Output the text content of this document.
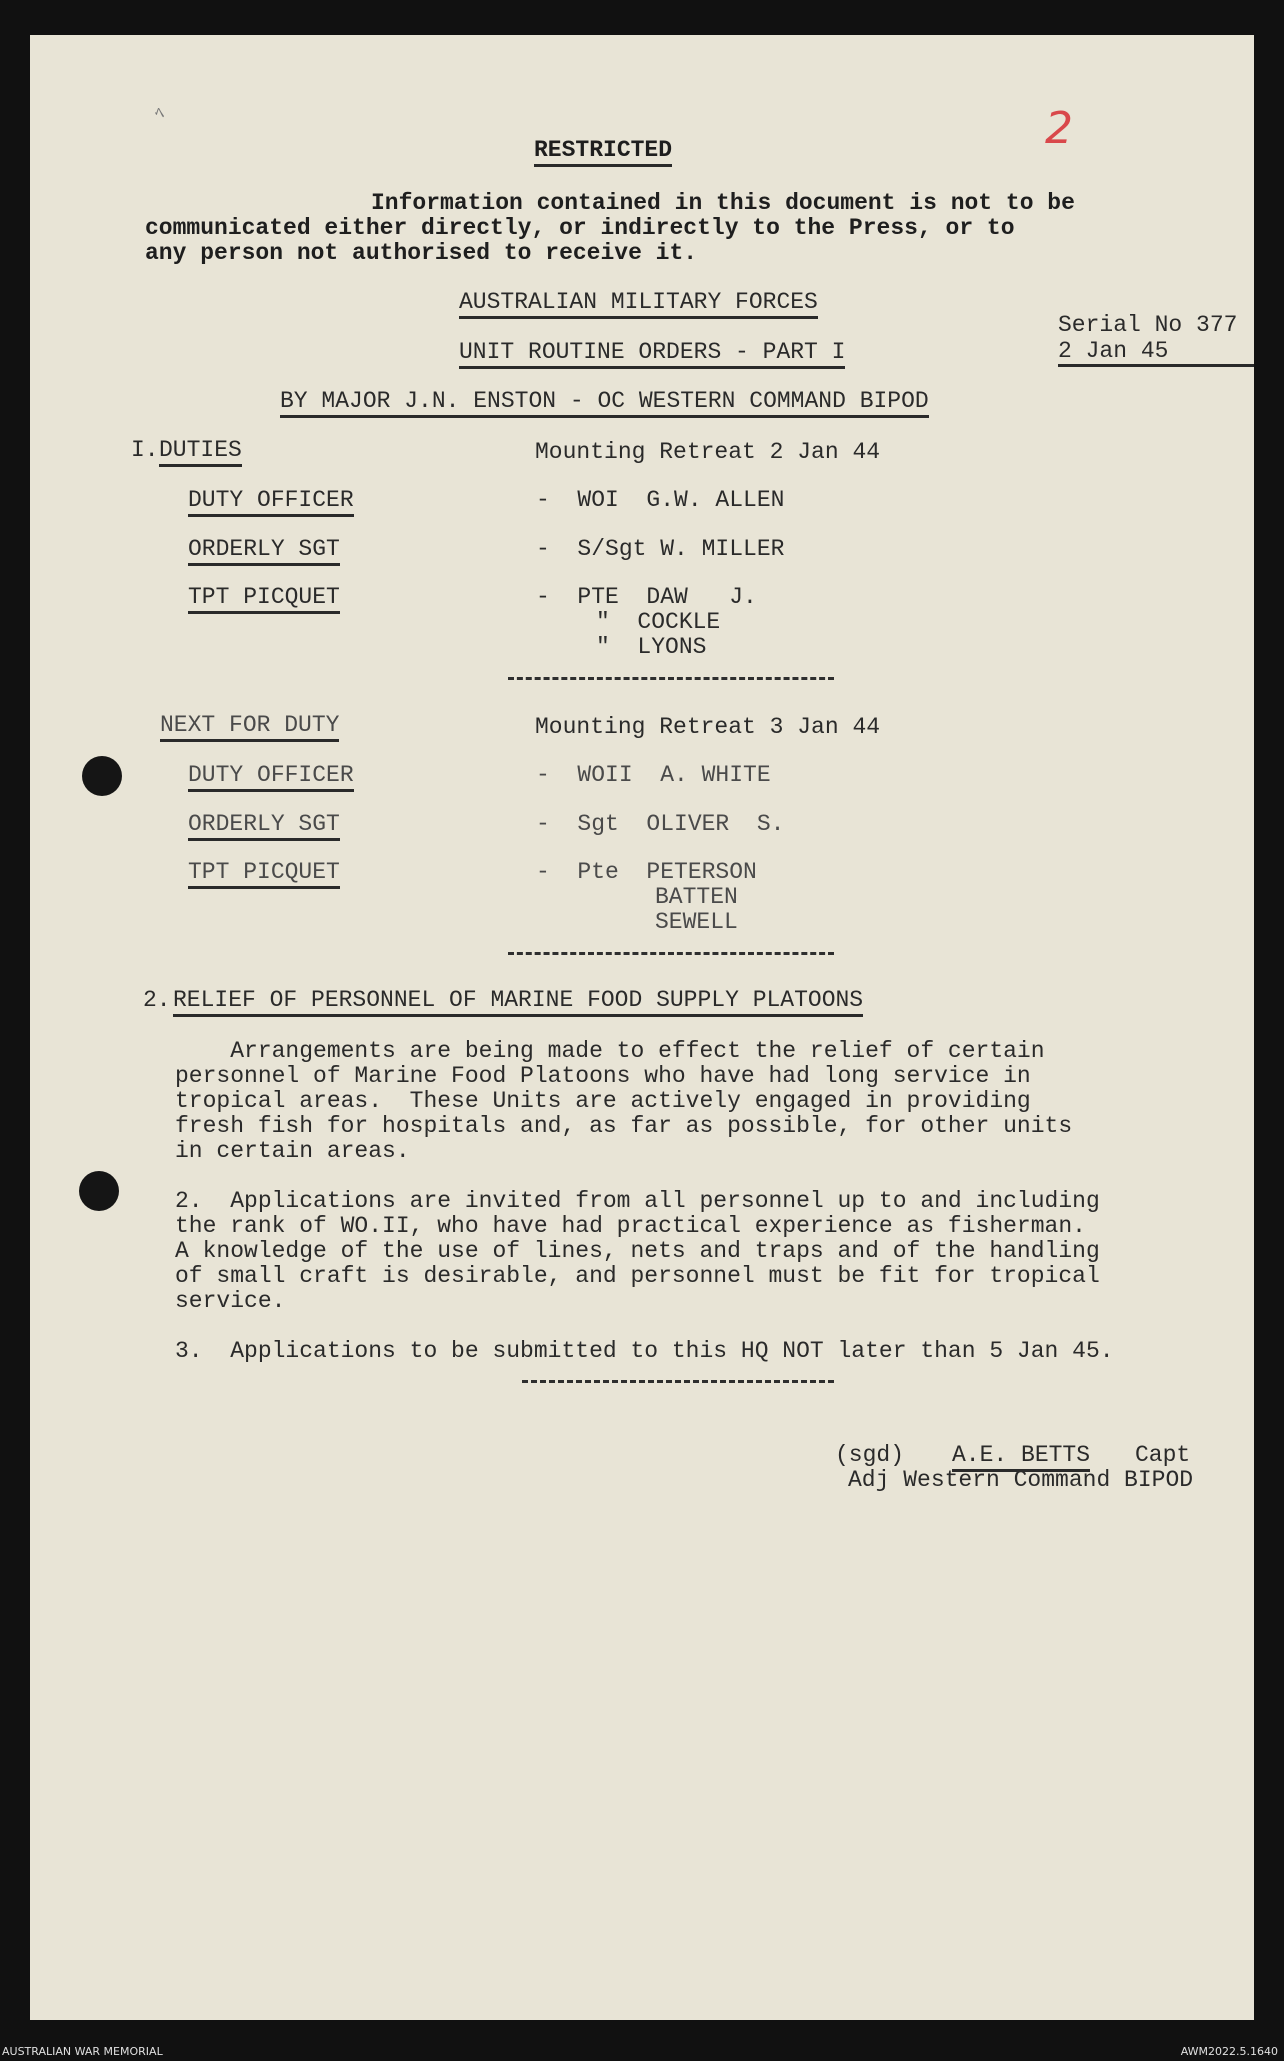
ﾍ	2
RESTRICTED
Information contained in this document is not to be
communicated either directly, or indirectly to the Press, or to
any person not authorised to receive it.
AUSTRALIAN MILITARY FORCES
UNIT ROUTINE ORDERS - PART I
Serial No 377
2 Jan 45
BY MAJOR J.N. ENSTON - OC WESTERN COMMAND BIPOD
I. DUTIES	Mounting Retreat 2 Jan 44
DUTY OFFICER	-  WOI  G.W. ALLEN
ORDERLY SGT	-  S/Sgt W. MILLER
TPT PICQUET	-  PTE  DAW   J.
"  COCKLE
"  LYONS
NEXT FOR DUTY	Mounting Retreat 3 Jan 44
DUTY OFFICER	-  WOII  A. WHITE
ORDERLY SGT	-  Sgt  OLIVER  S.
TPT PICQUET	-  Pte  PETERSON
BATTEN
SEWELL
2. RELIEF OF PERSONNEL OF MARINE FOOD SUPPLY PLATOONS
Arrangements are being made to effect the relief of certain
personnel of Marine Food Platoons who have had long service in
tropical areas.  These Units are actively engaged in providing
fresh fish for hospitals and, as far as possible, for other units
in certain areas.
2.  Applications are invited from all personnel up to and including
the rank of WO.II, who have had practical experience as fisherman.
A knowledge of the use of lines, nets and traps and of the handling
of small craft is desirable, and personnel must be fit for tropical
service.
3.  Applications to be submitted to this HQ NOT later than 5 Jan 45.
(sgd) A.E. BETTS Capt
Adj Western Command BIPOD
AUSTRALIAN WAR MEMORIAL	AWM2022.5.1640
